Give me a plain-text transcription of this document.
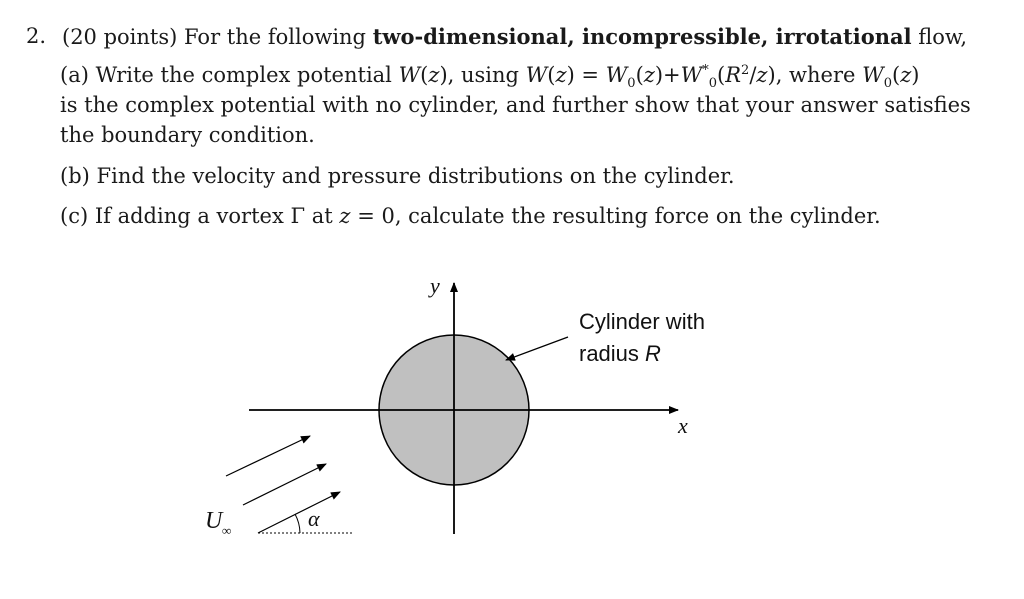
2. (20 points) For the following two-dimensional, incompressible, irrotational flow,
(a) Write the complex potential W(z), using $W(z) = W_0(z)+W^*_0(R^2/z)$, where $W_0(z)$
is the complex potential with no cylinder, and further show that your answer satisfies
the boundary condition.
(b) Find the velocity and pressure distributions on the cylinder.
(c) If adding a vortex Γ at z = 0, calculate the resulting force on the cylinder.
y
x
Cylinder with
radius R
α
U ∞
